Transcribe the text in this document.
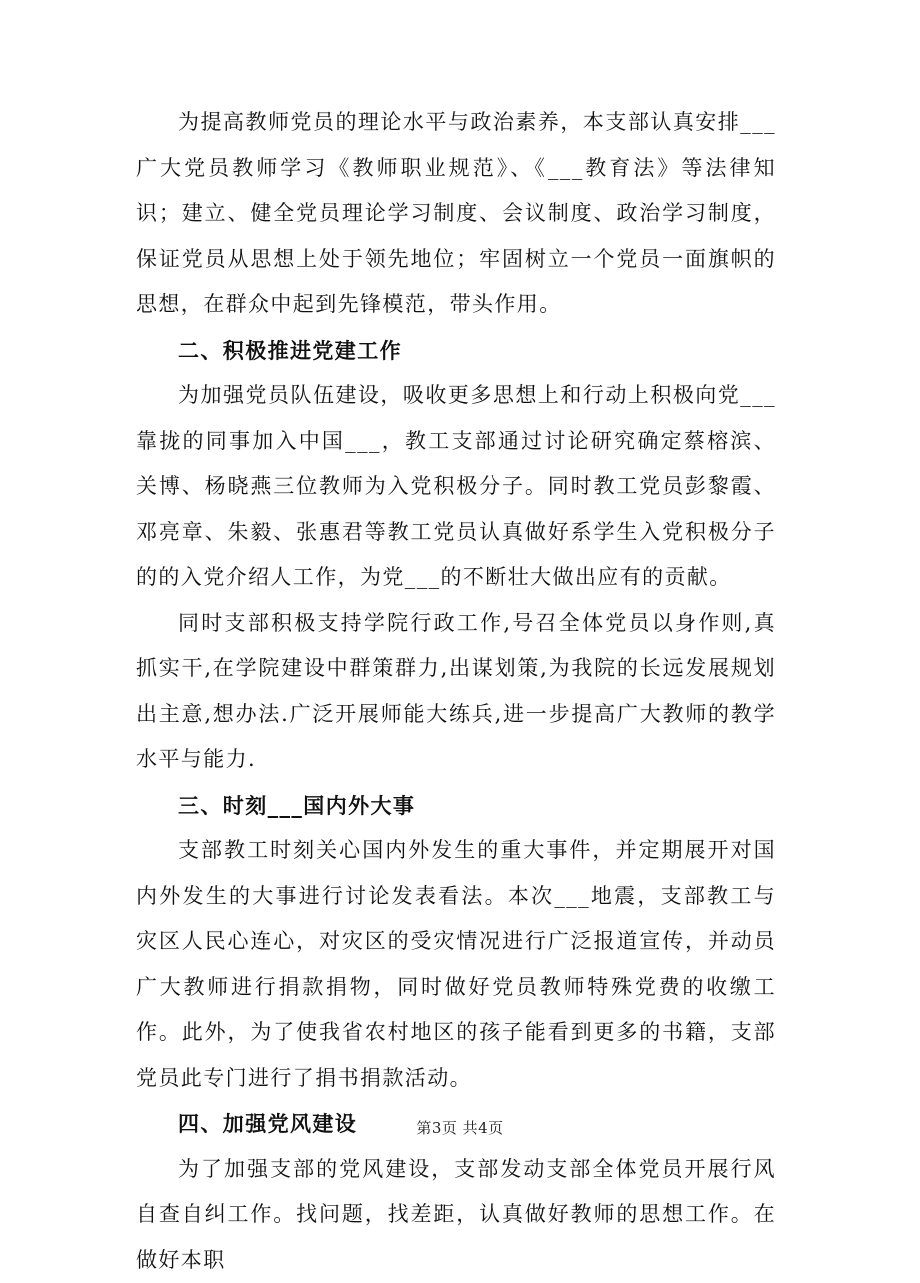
为提高教师党员的理论水平与政治素养，本支部认真安排___广大党员教师学习《教师职业规范》、《___教育法》等法律知识；建立、健全党员理论学习制度、会议制度、政治学习制度，保证党员从思想上处于领先地位；牢固树立一个党员一面旗帜的思想，在群众中起到先锋模范，带头作用。

二、积极推进党建工作

为加强党员队伍建设，吸收更多思想上和行动上积极向党___靠拢的同事加入中国___，教工支部通过讨论研究确定蔡榕滨、关博、杨晓燕三位教师为入党积极分子。同时教工党员彭黎霞、邓亮章、朱毅、张惠君等教工党员认真做好系学生入党积极分子的的入党介绍人工作，为党___的不断壮大做出应有的贡献。

同时支部积极支持学院行政工作,号召全体党员以身作则,真抓实干,在学院建设中群策群力,出谋划策,为我院的长远发展规划出主意,想办法.广泛开展师能大练兵,进一步提高广大教师的教学水平与能力.

三、时刻___国内外大事

支部教工时刻关心国内外发生的重大事件，并定期展开对国内外发生的大事进行讨论发表看法。本次___地震，支部教工与灾区人民心连心，对灾区的受灾情况进行广泛报道宣传，并动员广大教师进行捐款捐物，同时做好党员教师特殊党费的收缴工作。此外，为了使我省农村地区的孩子能看到更多的书籍，支部党员此专门进行了捐书捐款活动。

四、加强党风建设

为了加强支部的党风建设，支部发动支部全体党员开展行风自查自纠工作。找问题，找差距，认真做好教师的思想工作。在做好本职

第3页 共4页
